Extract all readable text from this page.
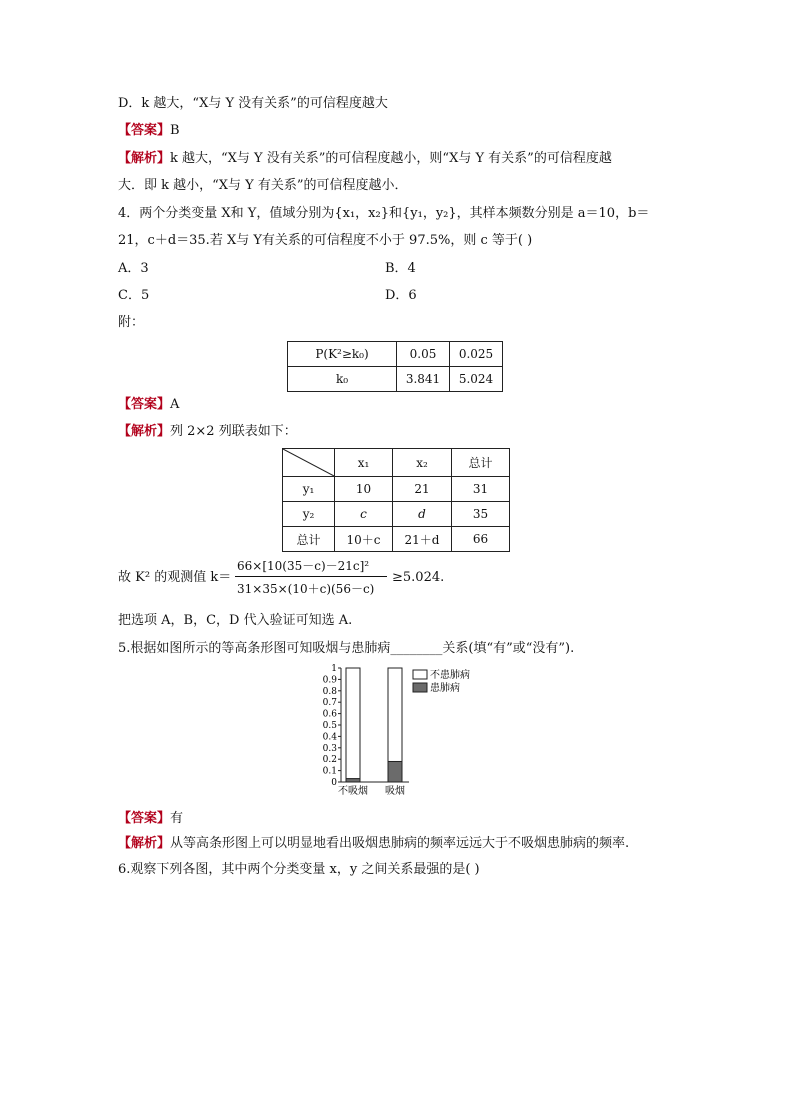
D．k 越大，“X与 Y 没有关系”的可信程度越大
【答案】B
【解析】k 越大，“X与 Y 没有关系”的可信程度越小，则“X与 Y 有关系”的可信程度越
大．即 k 越小，“X与 Y 有关系”的可信程度越小．
4．两个分类变量 X和 Y，值域分别为{x₁，x₂}和{y₁，y₂}，其样本频数分别是 a＝10，b＝
21，c＋d＝35.若 X与 Y有关系的可信程度不小于 97.5%，则 c 等于( )
A．3	B．4
C．5	D．6
附：
P(K²≥k₀)	0.05	0.025
k₀	3.841	5.024
【答案】A
【解析】列 2×2 列联表如下：
	x₁	x₂	总计
y₁	10	21	31
y₂	c	d	35
总计	10＋c	21＋d	66
故 K² 的观测值 k＝
66×[10(35－c)－21c]²
31×35×(10＋c)(56－c)
≥5.024.
把选项 A，B，C，D 代入验证可知选 A.
5.根据如图所示的等高条形图可知吸烟与患肺病________关系(填“有”或“没有”).
0
0.1
0.2
0.3
0.4
0.5
0.6
0.7
0.8
0.9
1
不吸烟 吸烟
不患肺病
患肺病
【答案】有
【解析】从等高条形图上可以明显地看出吸烟患肺病的频率远远大于不吸烟患肺病的频率.
6.观察下列各图，其中两个分类变量 x，y 之间关系最强的是( )
